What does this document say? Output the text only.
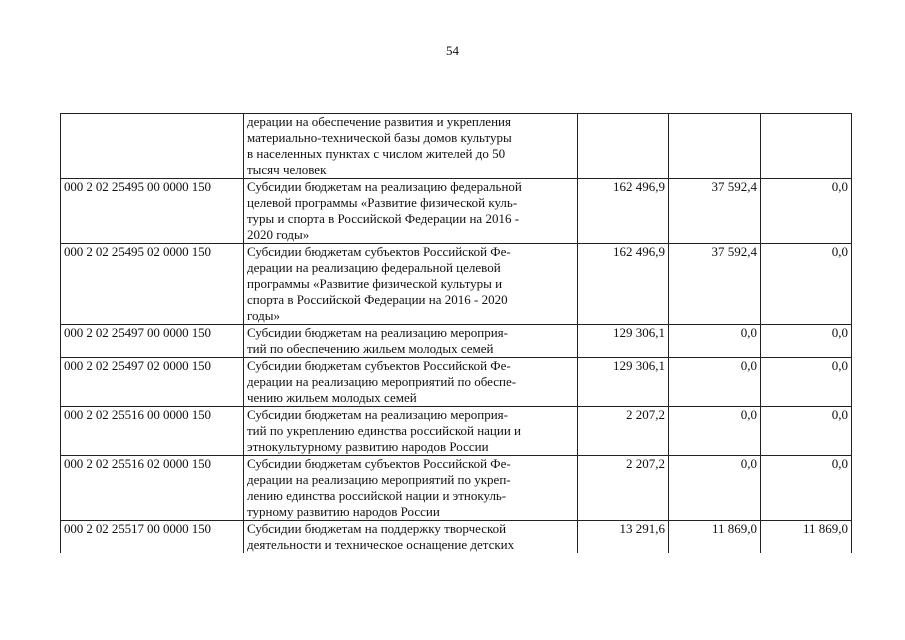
54

	дерации на обеспечение развития и укрепления
материально-технической базы домов культуры
в населенных пунктах с числом жителей до 50
тысяч человек			

000 2 02 25495 00 0000 150	Субсидии бюджетам на реализацию федеральной
целевой программы «Развитие физической куль-
туры и спорта в Российской Федерации на 2016 -
2020 годы»	162 496,9	37 592,4	0,0
000 2 02 25495 02 0000 150	Субсидии бюджетам субъектов Российской Фе-
дерации на реализацию федеральной целевой
программы «Развитие физической культуры и
спорта в Российской Федерации на 2016 - 2020
годы»	162 496,9	37 592,4	0,0
000 2 02 25497 00 0000 150	Субсидии бюджетам на реализацию мероприя-
тий по обеспечению жильем молодых семей	129 306,1	0,0	0,0
000 2 02 25497 02 0000 150	Субсидии бюджетам субъектов Российской Фе-
дерации на реализацию мероприятий по обеспе-
чению жильем молодых семей	129 306,1	0,0	0,0
000 2 02 25516 00 0000 150	Субсидии бюджетам на реализацию мероприя-
тий по укреплению единства российской нации и
этнокультурному развитию народов России	2 207,2	0,0	0,0
000 2 02 25516 02 0000 150	Субсидии бюджетам субъектов Российской Фе-
дерации на реализацию мероприятий по укреп-
лению единства российской нации и этнокуль-
турному развитию народов России	2 207,2	0,0	0,0
000 2 02 25517 00 0000 150	Субсидии бюджетам на поддержку творческой
деятельности и техническое оснащение детских	13 291,6	11 869,0	11 869,0
